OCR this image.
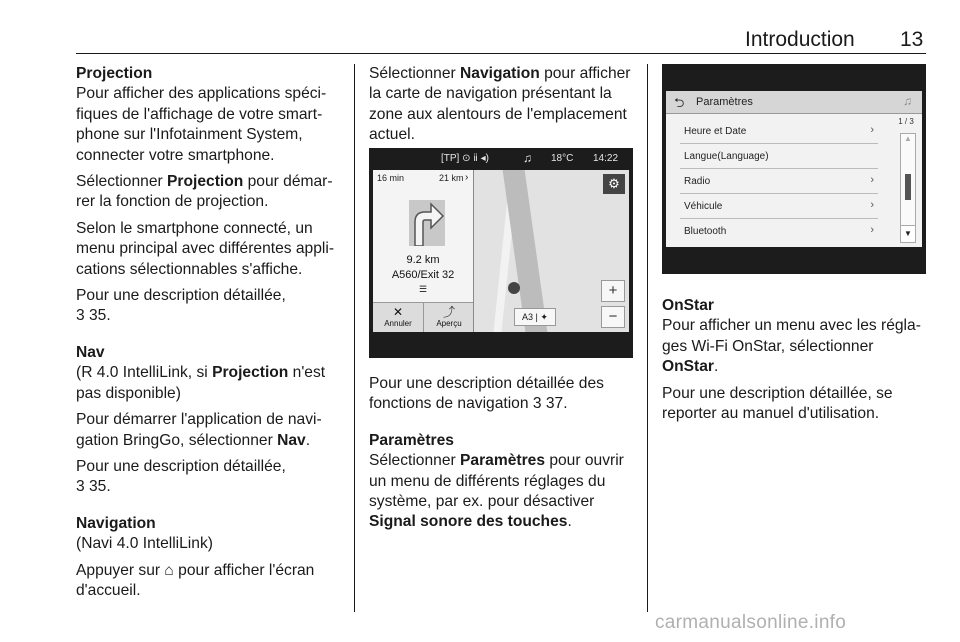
Introduction 13

Projection

Pour afficher des applications spéci-fiques de l'affichage de votre smart-phone sur l'Infotainment System, connecter votre smartphone.

Sélectionner Projection pour démar-rer la fonction de projection.

Selon le smartphone connecté, un menu principal avec différentes appli-cations sélectionnables s'affiche.

Pour une description détaillée,
3 35.

Nav

(R 4.0 IntelliLink, si Projection n'est pas disponible)

Pour démarrer l'application de navi-gation BringGo, sélectionner Nav.

Pour une description détaillée,
3 35.

Navigation

(Navi 4.0 IntelliLink)

Appuyer sur ⌂ pour afficher l'écran d'accueil.

Sélectionner Navigation pour afficher la carte de navigation présentant la zone aux alentours de l'emplacement actuel.

[TP] ⊙ ⅱ ◂)	♫ 18°C 14:22
16 min	21 km ›
9.2 km
A560/Exit 32
☰
✕
Annuler
⤴
Aperçu
⚙
+
−
A3 | ✦

Pour une description détaillée des fonctions de navigation 3 37.

Paramètres

Sélectionner Paramètres pour ouvrir un menu de différents réglages du système, par ex. pour désactiver Signal sonore des touches.

⮌ Paramètres	♫
Heure et Date	›
Langue(Language)
Radio	›
Véhicule	›
Bluetooth	›
1 / 3
▲
▼

OnStar

Pour afficher un menu avec les régla-ges Wi-Fi OnStar, sélectionner OnStar.

Pour une description détaillée, se reporter au manuel d'utilisation.

carmanualsonline.info
